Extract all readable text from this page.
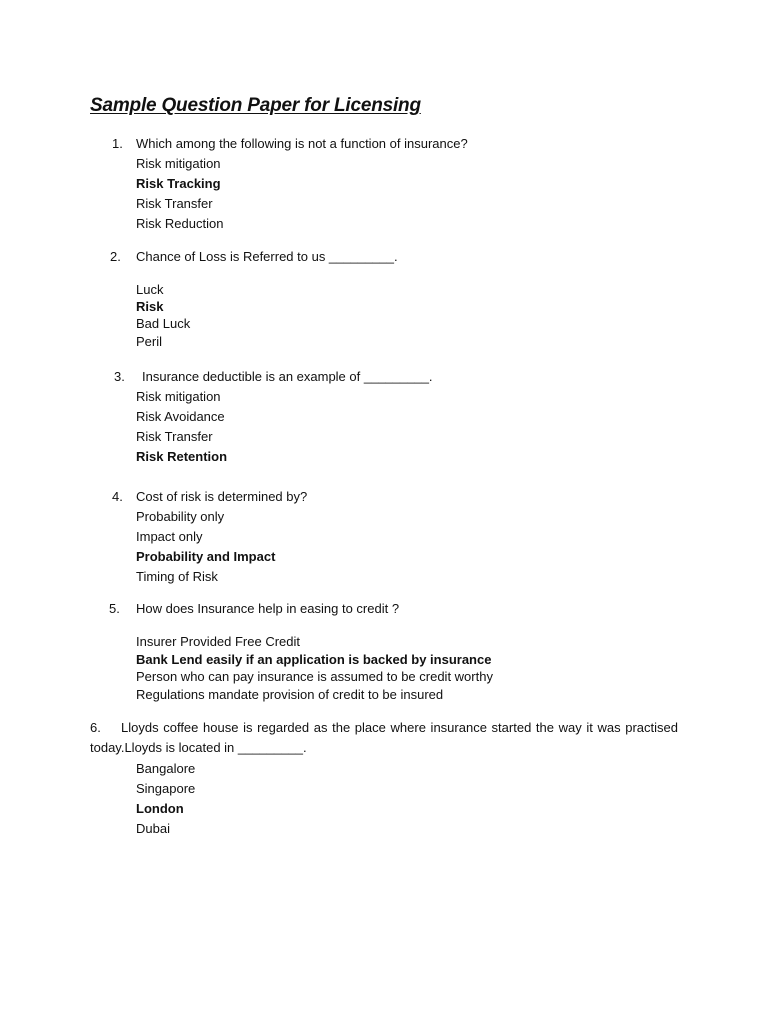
Sample Question Paper for Licensing
1. Which among the following is not a function of insurance?
Risk mitigation
Risk Tracking
Risk Transfer
Risk Reduction
2. Chance of Loss is Referred to us _________.
Luck
Risk
Bad Luck
Peril
3. Insurance deductible is an example of _________.
Risk mitigation
Risk Avoidance
Risk Transfer
Risk Retention
4. Cost of risk is determined by?
Probability only
Impact only
Probability and Impact
Timing of Risk
5. How does Insurance help in easing to credit ?
Insurer Provided Free Credit
Bank Lend easily if an application is backed by insurance
Person who can pay insurance is assumed to be credit worthy
Regulations mandate provision of credit to be insured
6. Lloyds coffee house is regarded as the place where insurance started the way it was practised today.Lloyds is located in _________.
Bangalore
Singapore
London
Dubai
